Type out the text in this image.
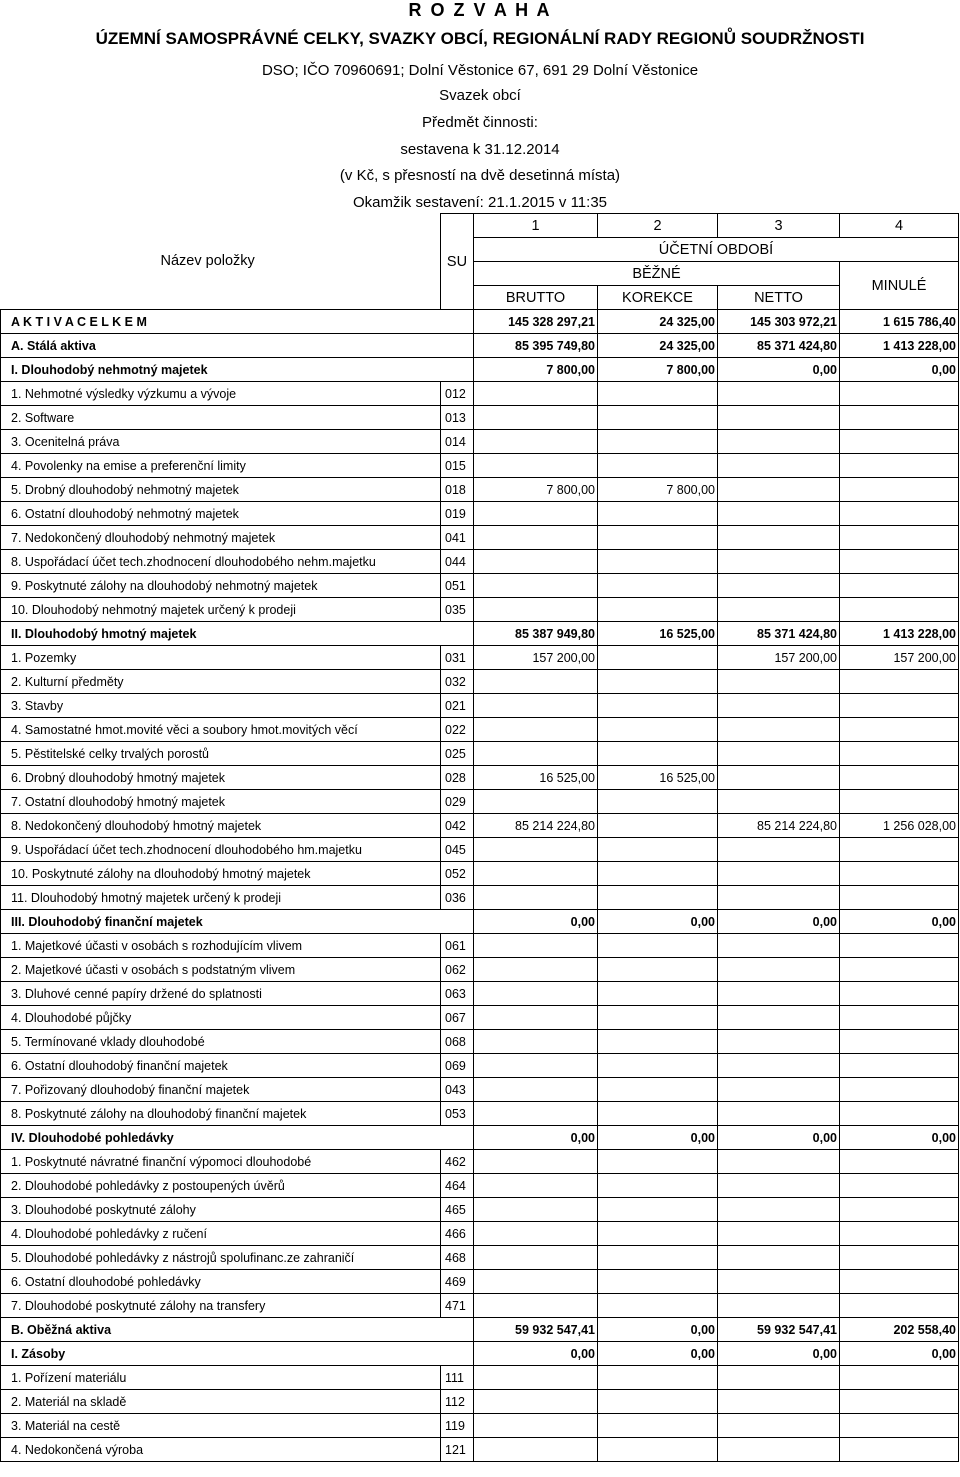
R O Z V A H A
ÚZEMNÍ SAMOSPRÁVNÉ CELKY, SVAZKY OBCÍ, REGIONÁLNÍ RADY REGIONŮ SOUDRŽNOSTI
DSO; IČO 70960691; Dolní Věstonice 67, 691 29 Dolní Věstonice
Svazek obcí
Předmět činnosti:
sestavena k 31.12.2014
(v Kč, s přesností na dvě desetinná místa)
Okamžik sestavení: 21.1.2015 v 11:35
Název položky	SU	1	2	3	4
		ÚČETNÍ OBDOBÍ			
		BĚŽNÉ			MINULÉ
		BRUTTO	KOREKCE	NETTO	
A K T I V A C E L K E M		145 328 297,21	24 325,00	145 303 972,21	1 615 786,40
A. Stálá aktiva		85 395 749,80	24 325,00	85 371 424,80	1 413 228,00
I. Dlouhodobý nehmotný majetek		7 800,00	7 800,00	0,00	0,00
1. Nehmotné výsledky výzkumu a vývoje	012				
2. Software	013				
3. Ocenitelná práva	014				
4. Povolenky na emise a preferenční limity	015				
5. Drobný dlouhodobý nehmotný majetek	018	7 800,00	7 800,00		
6. Ostatní dlouhodobý nehmotný majetek	019				
7. Nedokončený dlouhodobý nehmotný majetek	041				
8. Uspořádací účet tech.zhodnocení dlouhodobého nehm.majetku	044				
9. Poskytnuté zálohy na dlouhodobý nehmotný majetek	051				
10. Dlouhodobý nehmotný majetek určený k prodeji	035				
II. Dlouhodobý hmotný majetek		85 387 949,80	16 525,00	85 371 424,80	1 413 228,00
1. Pozemky	031	157 200,00		157 200,00	157 200,00
2. Kulturní předměty	032				
3. Stavby	021				
4. Samostatné hmot.movité věci a soubory hmot.movitých věcí	022				
5. Pěstitelské celky trvalých porostů	025				
6. Drobný dlouhodobý hmotný majetek	028	16 525,00	16 525,00		
7. Ostatní dlouhodobý hmotný majetek	029				
8. Nedokončený dlouhodobý hmotný majetek	042	85 214 224,80		85 214 224,80	1 256 028,00
9. Uspořádací účet tech.zhodnocení dlouhodobého hm.majetku	045				
10. Poskytnuté zálohy na dlouhodobý hmotný majetek	052				
11. Dlouhodobý hmotný majetek určený k prodeji	036				
III. Dlouhodobý finanční majetek		0,00	0,00	0,00	0,00
1. Majetkové účasti v osobách s rozhodujícím vlivem	061				
2. Majetkové účasti v osobách s podstatným vlivem	062				
3. Dluhové cenné papíry držené do splatnosti	063				
4. Dlouhodobé půjčky	067				
5. Termínované vklady dlouhodobé	068				
6. Ostatní dlouhodobý finanční majetek	069				
7. Pořizovaný dlouhodobý finanční majetek	043				
8. Poskytnuté zálohy na dlouhodobý finanční majetek	053				
IV. Dlouhodobé pohledávky		0,00	0,00	0,00	0,00
1. Poskytnuté návratné finanční výpomoci dlouhodobé	462				
2. Dlouhodobé pohledávky z postoupených úvěrů	464				
3. Dlouhodobé poskytnuté zálohy	465				
4. Dlouhodobé pohledávky z ručení	466				
5. Dlouhodobé pohledávky z nástrojů spolufinanc.ze zahraničí	468				
6. Ostatní dlouhodobé pohledávky	469				
7. Dlouhodobé poskytnuté zálohy na transfery	471				
B. Oběžná aktiva		59 932 547,41	0,00	59 932 547,41	202 558,40
I. Zásoby		0,00	0,00	0,00	0,00
1. Pořízení materiálu	111				
2. Materiál na skladě	112				
3. Materiál na cestě	119				
4. Nedokončená výroba	121				
